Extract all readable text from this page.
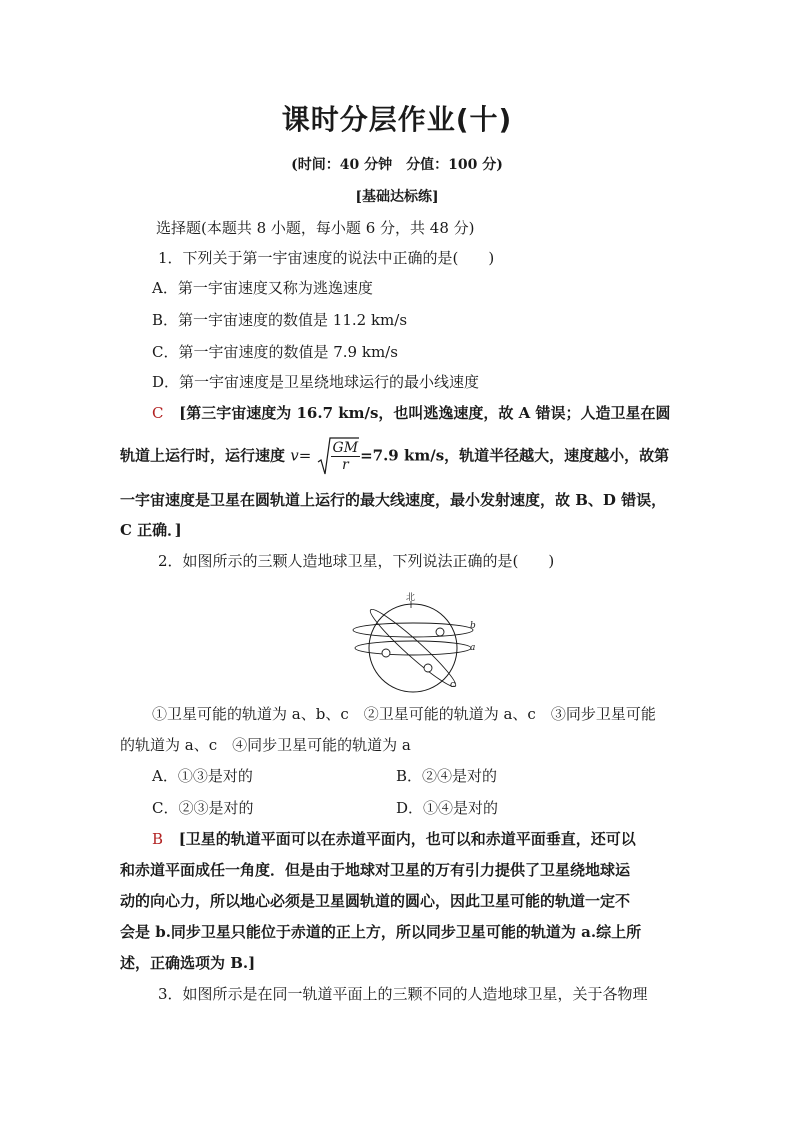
课时分层作业(十)
(时间：40 分钟　分值：100 分)
[基础达标练]
选择题(本题共 8 小题，每小题 6 分，共 48 分)
1．下列关于第一宇宙速度的说法中正确的是(　　)
A．第一宇宙速度又称为逃逸速度
B．第一宇宙速度的数值是 11.2 km/s
C．第一宇宙速度的数值是 7.9 km/s
D．第一宇宙速度是卫星绕地球运行的最小线速度
C [第三宇宙速度为 16.7 km/s，也叫逃逸速度，故 A 错误；人造卫星在圆
轨道上运行时，运行速度 $v= \frac{GM}{r} =7.9$ km/s，轨道半径越大，速度越小，故第
一宇宙速度是卫星在圆轨道上运行的最大线速度，最小发射速度，故 B、D 错误，
C 正确．]
2．如图所示的三颗人造地球卫星，下列说法正确的是(　　)
北
b
a
c
①卫星可能的轨道为 a、b、c　②卫星可能的轨道为 a、c　③同步卫星可能
的轨道为 a、c　④同步卫星可能的轨道为 a
A．①③是对的	B．②④是对的
C．②③是对的	D．①④是对的
B [卫星的轨道平面可以在赤道平面内，也可以和赤道平面垂直，还可以
和赤道平面成任一角度．但是由于地球对卫星的万有引力提供了卫星绕地球运
动的向心力，所以地心必须是卫星圆轨道的圆心，因此卫星可能的轨道一定不
会是 b.同步卫星只能位于赤道的正上方，所以同步卫星可能的轨道为 a.综上所
述，正确选项为 B.]
3．如图所示是在同一轨道平面上的三颗不同的人造地球卫星，关于各物理
